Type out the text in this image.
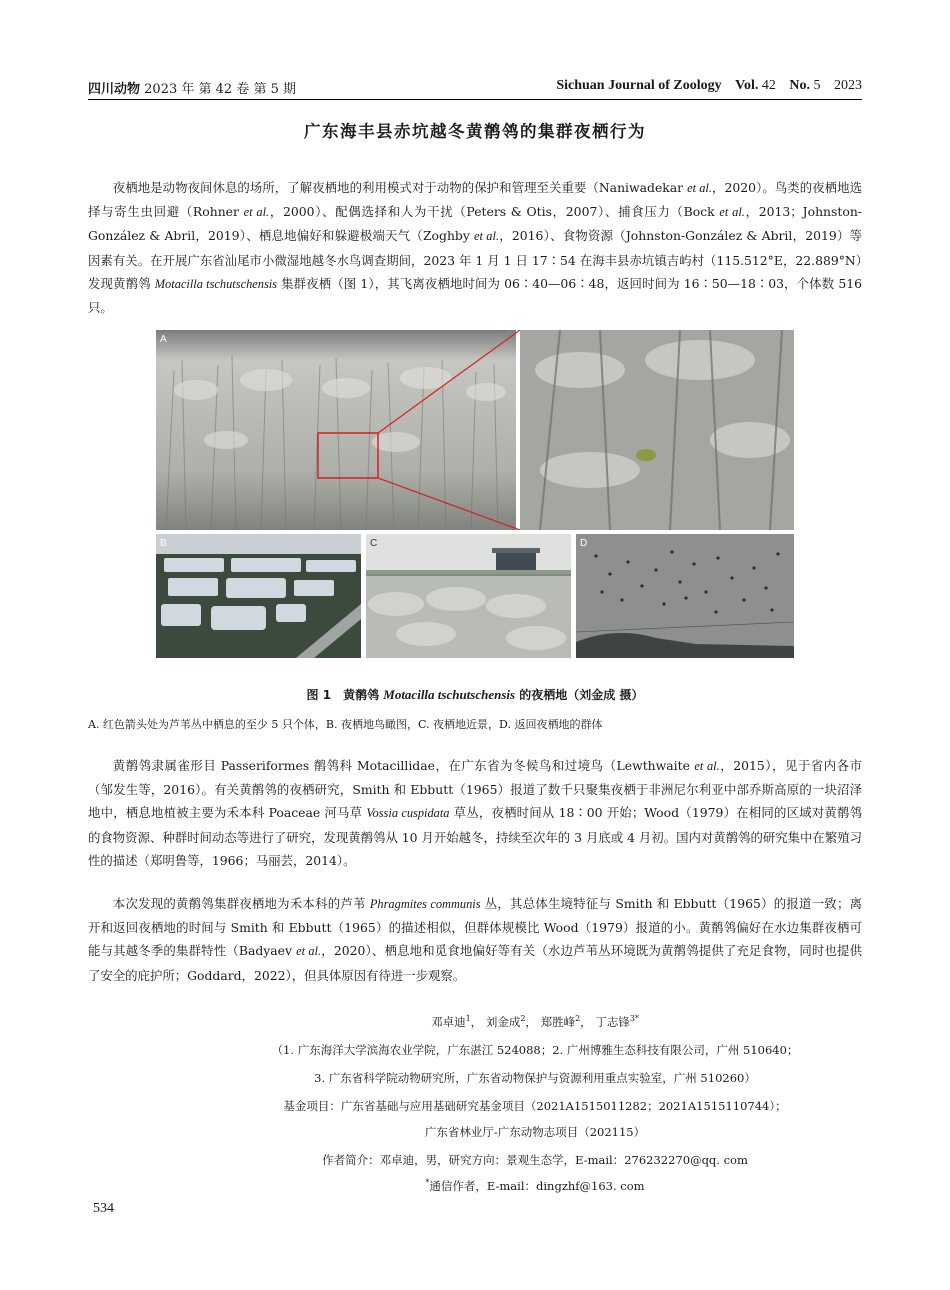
四川动物 2023 年 第 42 卷 第 5 期	Sichuan Journal of Zoology Vol. 42 No. 5 2023
广东海丰县赤坑越冬黄鹡鸰的集群夜栖行为
夜栖地是动物夜间休息的场所，了解夜栖地的利用模式对于动物的保护和管理至关重要（Naniwadekar et al.，2020）。鸟类的夜栖地选择与寄生虫回避（Rohner et al.，2000）、配偶选择和人为干扰（Peters & Otis，2007）、捕食压力（Bock et al.，2013；Johnston-González & Abril，2019）、栖息地偏好和躲避极端天气（Zoghby et al.，2016）、食物资源（Johnston-González & Abril，2019）等因素有关。在开展广东省汕尾市小微湿地越冬水鸟调查期间，2023 年 1 月 1 日 17∶54 在海丰县赤坑镇吉屿村（115.512°E，22.889°N）发现黄鹡鸰 Motacilla tschutschensis 集群夜栖（图 1），其飞离夜栖地时间为 06∶40—06∶48，返回时间为 16∶50—18∶03，个体数 516 只。
A
B	C	D
图 1　黄鹡鸰 Motacilla tschutschensis 的夜栖地（刘金成 摄）
A. 红色箭头处为芦苇丛中栖息的至少 5 只个体，B. 夜栖地鸟瞰图，C. 夜栖地近景，D. 返回夜栖地的群体
黄鹡鸰隶属雀形目 Passeriformes 鹡鸰科 Motacillidae，在广东省为冬候鸟和过境鸟（Lewthwaite et al.，2015），见于省内各市（邹发生等，2016）。有关黄鹡鸰的夜栖研究，Smith 和 Ebbutt（1965）报道了数千只聚集夜栖于非洲尼尔利亚中部乔斯高原的一块沼泽地中，栖息地植被主要为禾本科 Poaceae 河马草 Vossia cuspidata 草丛，夜栖时间从 18∶00 开始；Wood（1979）在相同的区域对黄鹡鸰的食物资源、种群时间动态等进行了研究，发现黄鹡鸰从 10 月开始越冬，持续至次年的 3 月底或 4 月初。国内对黄鹡鸰的研究集中在繁殖习性的描述（郑明鲁等，1966；马丽芸，2014）。
本次发现的黄鹡鸰集群夜栖地为禾本科的芦苇 Phragmites communis 丛，其总体生境特征与 Smith 和 Ebbutt（1965）的报道一致；离开和返回夜栖地的时间与 Smith 和 Ebbutt（1965）的描述相似，但群体规模比 Wood（1979）报道的小。黄鹡鸰偏好在水边集群夜栖可能与其越冬季的集群特性（Badyaev et al.，2020）、栖息地和觅食地偏好等有关（水边芦苇丛环境既为黄鹡鸰提供了充足食物，同时也提供了安全的庇护所；Goddard，2022），但具体原因有待进一步观察。
邓卓迪$^1$， 刘金成$^2$， 郑胜峰$^2$， 丁志锋$^{3*}$
（1. 广东海洋大学滨海农业学院，广东湛江 524088；2. 广州博雅生态科技有限公司，广州 510640；
3. 广东省科学院动物研究所，广东省动物保护与资源利用重点实验室，广州 510260）
基金项目：广东省基础与应用基础研究基金项目（2021A1515011282；2021A1515110744）；
广东省林业厅-广东动物志项目（202115）
作者简介：邓卓迪，男，研究方向：景观生态学，E-mail：276232270@qq. com
*通信作者，E-mail：dingzhf@163. com
534
